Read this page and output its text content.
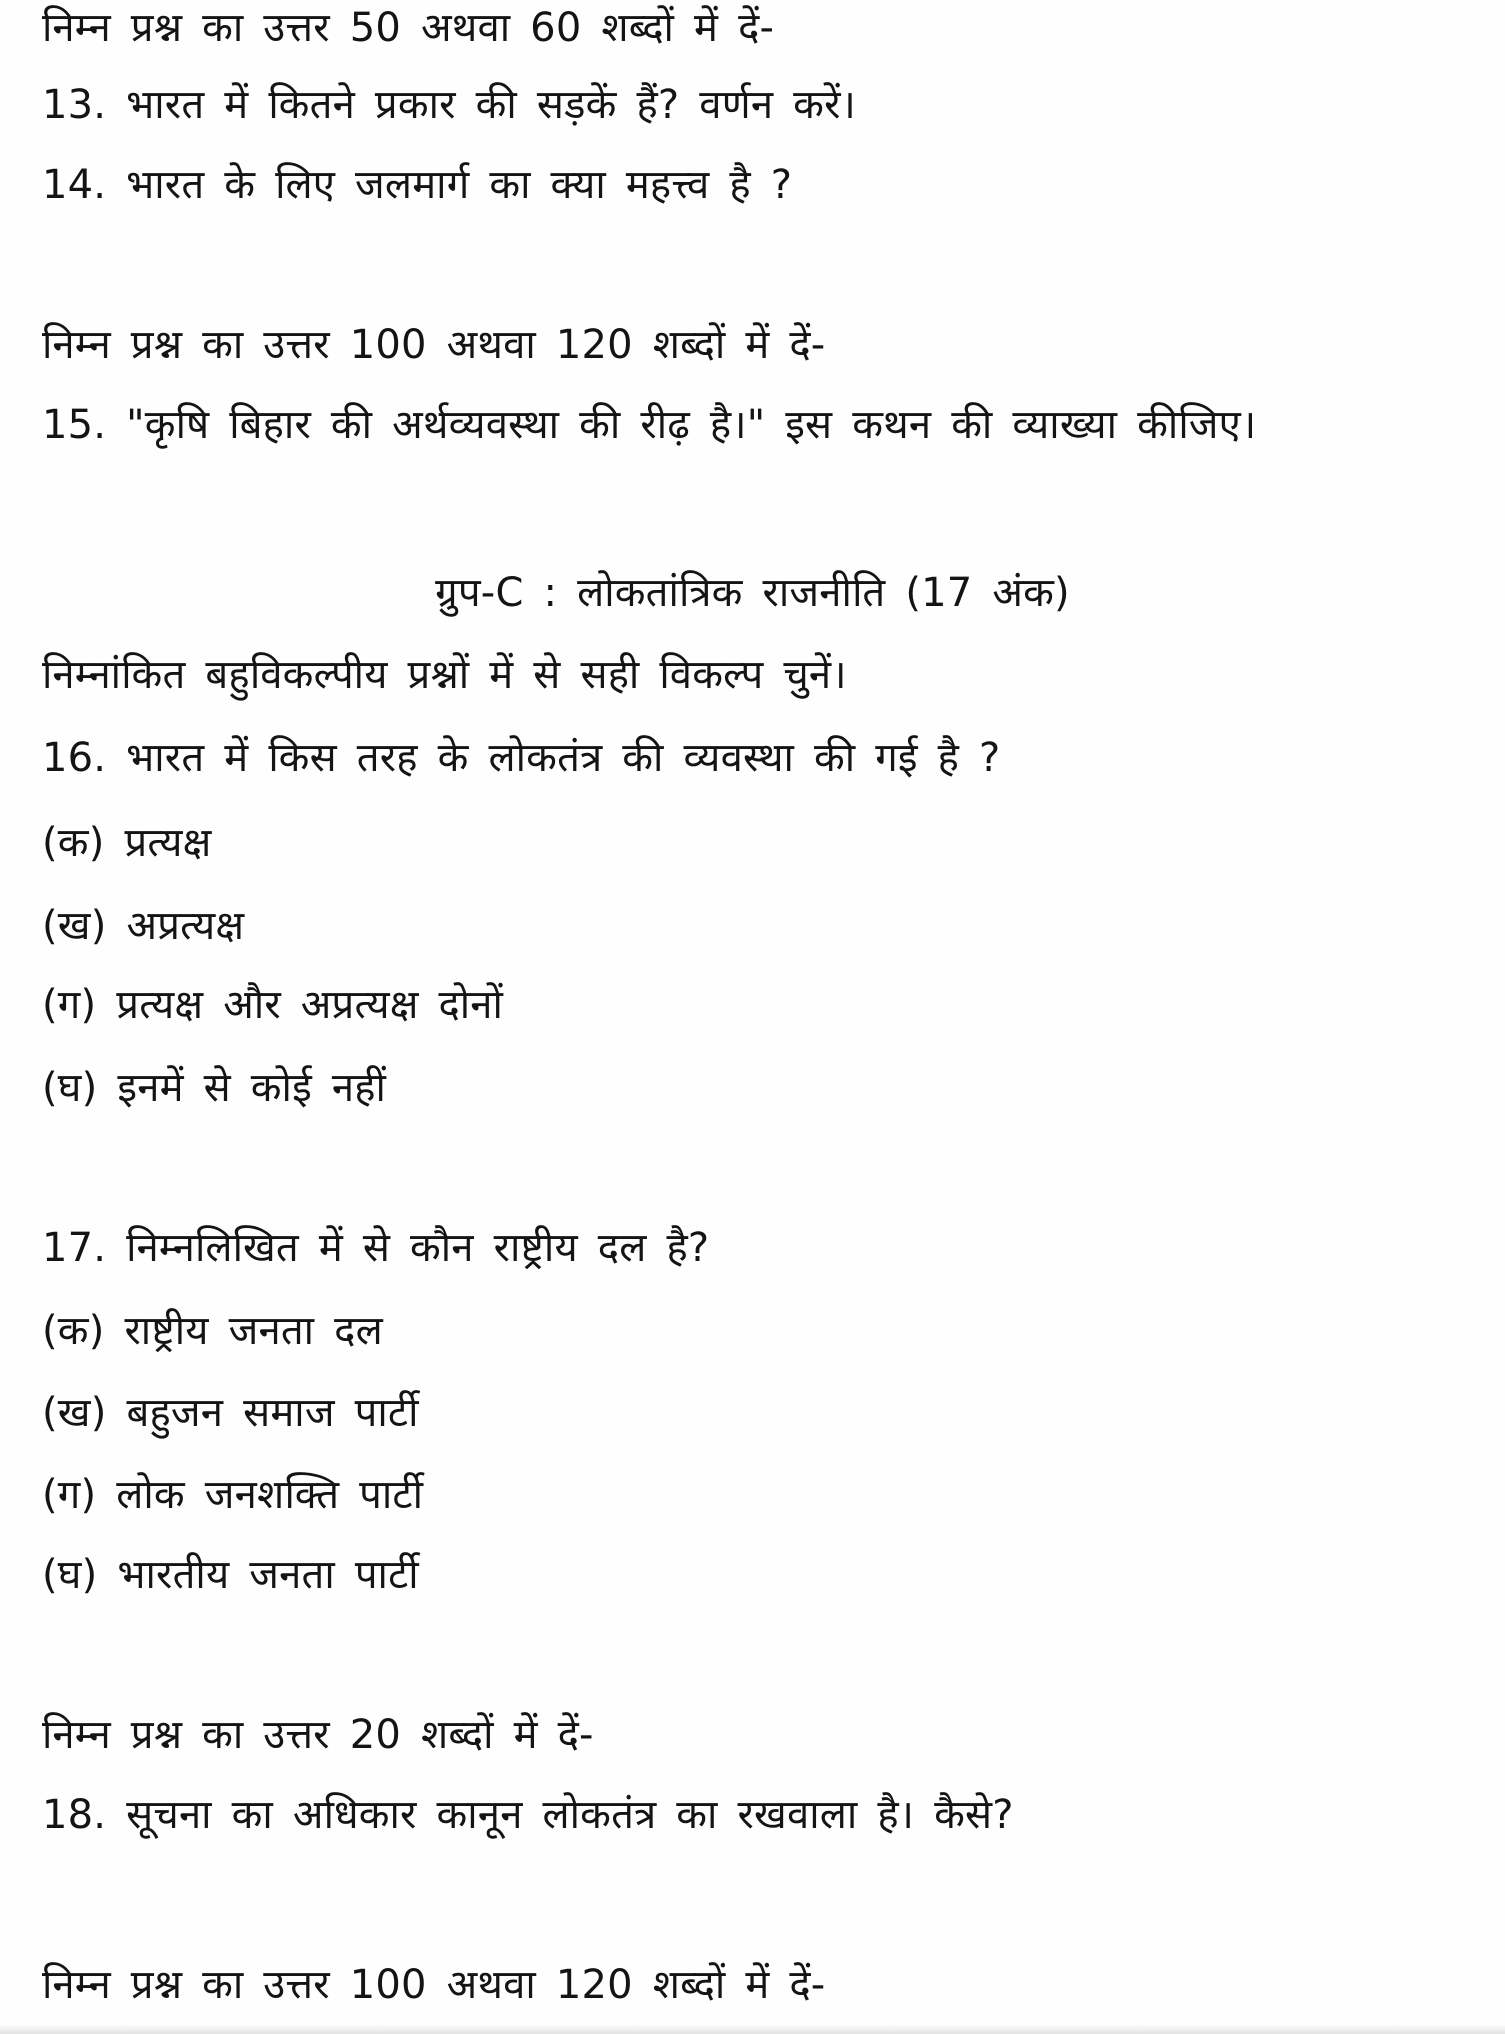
निम्न प्रश्न का उत्तर 50 अथवा 60 शब्दों में दें-
13. भारत में कितने प्रकार की सड़कें हैं? वर्णन करें।
14. भारत के लिए जलमार्ग का क्या महत्त्व है ?
निम्न प्रश्न का उत्तर 100 अथवा 120 शब्दों में दें-
15. "कृषि बिहार की अर्थव्यवस्था की रीढ़ है।" इस कथन की व्याख्या कीजिए।
ग्रुप-C : लोकतांत्रिक राजनीति (17 अंक)
निम्नांकित बहुविकल्पीय प्रश्नों में से सही विकल्प चुनें।
16. भारत में किस तरह के लोकतंत्र की व्यवस्था की गई है ?
(क) प्रत्यक्ष
(ख) अप्रत्यक्ष
(ग) प्रत्यक्ष और अप्रत्यक्ष दोनों
(घ) इनमें से कोई नहीं
17. निम्नलिखित में से कौन राष्ट्रीय दल है?
(क) राष्ट्रीय जनता दल
(ख) बहुजन समाज पार्टी
(ग) लोक जनशक्ति पार्टी
(घ) भारतीय जनता पार्टी
निम्न प्रश्न का उत्तर 20 शब्दों में दें-
18. सूचना का अधिकार कानून लोकतंत्र का रखवाला है। कैसे?
निम्न प्रश्न का उत्तर 100 अथवा 120 शब्दों में दें-
